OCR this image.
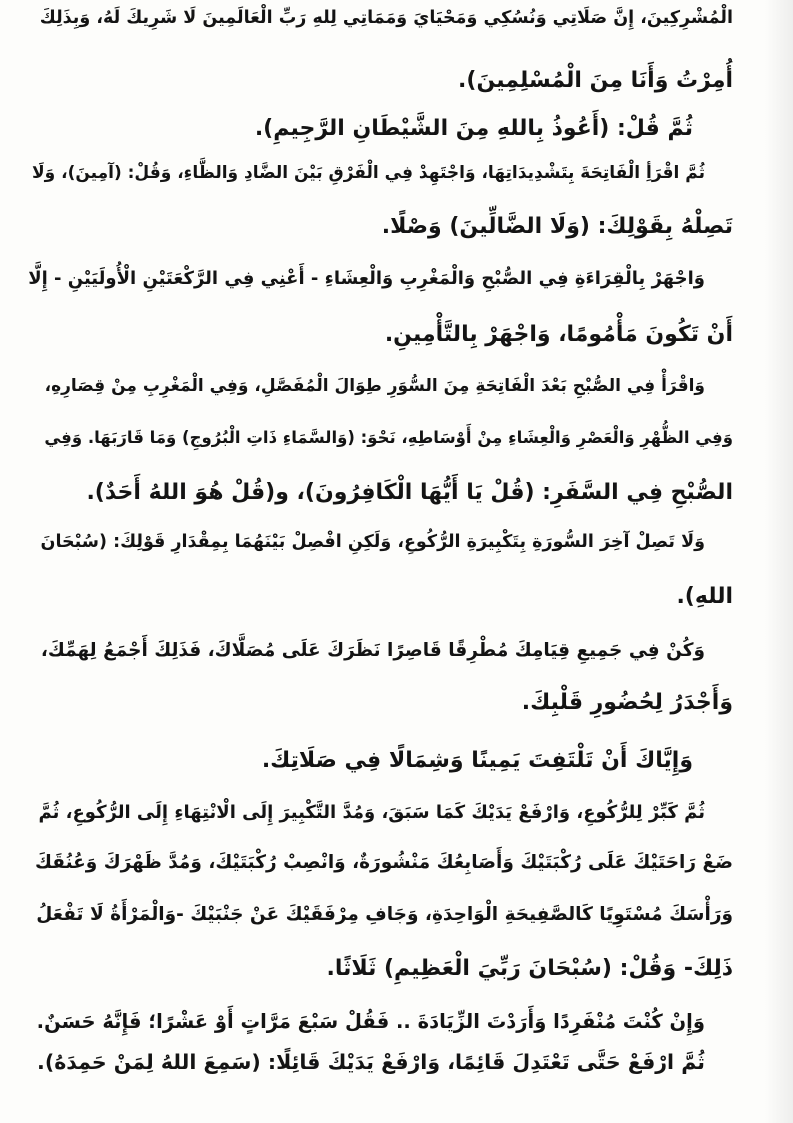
الْمُشْرِكِينَ، إِنَّ صَلَاتِي وَنُسُكِي وَمَحْيَايَ وَمَمَاتِي لِلهِ رَبِّ الْعَالَمِينَ لَا شَرِيكَ لَهُ، وَبِذَلِكَ
أُمِرْتُ وَأَنَا مِنَ الْمُسْلِمِينَ).
ثُمَّ قُلْ: (أَعُوذُ بِاللهِ مِنَ الشَّيْطَانِ الرَّجِيمِ).
ثُمَّ اقْرَأِ الْفَاتِحَةَ بِتَشْدِيدَاتِهَا، وَاجْتَهِدْ فِي الْفَرْقِ بَيْنَ الضَّادِ وَالظَّاءِ، وَقُلْ: (آمِينَ)، وَلَا
تَصِلْهُ بِقَوْلِكَ: (وَلَا الضَّالِّينَ) وَصْلًا.
وَاجْهَرْ بِالْقِرَاءَةِ فِي الصُّبْحِ وَالْمَغْرِبِ وَالْعِشَاءِ - أَعْنِي فِي الرَّكْعَتَيْنِ الْأُولَيَيْنِ - إِلَّا
أَنْ تَكُونَ مَأْمُومًا، وَاجْهَرْ بِالتَّأْمِينِ.
وَاقْرَأْ فِي الصُّبْحِ بَعْدَ الْفَاتِحَةِ مِنَ السُّوَرِ طِوَالَ الْمُفَصَّلِ، وَفِي الْمَغْرِبِ مِنْ قِصَارِهِ،
وَفِي الظُّهْرِ وَالْعَصْرِ وَالْعِشَاءِ مِنْ أَوْسَاطِهِ، نَحْوَ: (وَالسَّمَاءِ ذَاتِ الْبُرُوجِ) وَمَا قَارَبَهَا. وَفِي
الصُّبْحِ فِي السَّفَرِ: (قُلْ يَا أَيُّهَا الْكَافِرُونَ)، و(قُلْ هُوَ اللهُ أَحَدٌ).
وَلَا تَصِلْ آخِرَ السُّورَةِ بِتَكْبِيرَةِ الرُّكُوعِ، وَلَكِنِ افْصِلْ بَيْنَهُمَا بِمِقْدَارِ قَوْلِكَ: (سُبْحَانَ
اللهِ).
وَكُنْ فِي جَمِيعِ قِيَامِكَ مُطْرِقًا قَاصِرًا نَظَرَكَ عَلَى مُصَلَّاكَ، فَذَلِكَ أَجْمَعُ لِهَمِّكَ،
وَأَجْدَرُ لِحُضُورِ قَلْبِكَ.
وَإِيَّاكَ أَنْ تَلْتَفِتَ يَمِينًا وَشِمَالًا فِي صَلَاتِكَ.
ثُمَّ كَبِّرْ لِلرُّكُوعِ، وَارْفَعْ يَدَيْكَ كَمَا سَبَقَ، وَمُدَّ التَّكْبِيرَ إِلَى الْانْتِهَاءِ إِلَى الرُّكُوعِ، ثُمَّ
ضَعْ رَاحَتَيْكَ عَلَى رُكْبَتَيْكَ وَأَصَابِعُكَ مَنْشُورَةٌ، وَانْصِبْ رُكْبَتَيْكَ، وَمُدَّ ظَهْرَكَ وَعُنُقَكَ
وَرَأْسَكَ مُسْتَوِيًا كَالصَّفِيحَةِ الْوَاحِدَةِ، وَجَافِ مِرْفَقَيْكَ عَنْ جَنْبَيْكَ -وَالْمَرْأَةُ لَا تَفْعَلُ
ذَلِكَ- وَقُلْ: (سُبْحَانَ رَبِّيَ الْعَظِيمِ) ثَلَاثًا.
وَإِنْ كُنْتَ مُنْفَرِدًا وَأَرَدْتَ الزِّيَادَةَ .. فَقُلْ سَبْعَ مَرَّاتٍ أَوْ عَشْرًا؛ فَإِنَّهُ حَسَنٌ.
ثُمَّ ارْفَعْ حَتَّى تَعْتَدِلَ قَائِمًا، وَارْفَعْ يَدَيْكَ قَائِلًا: (سَمِعَ اللهُ لِمَنْ حَمِدَهُ).
